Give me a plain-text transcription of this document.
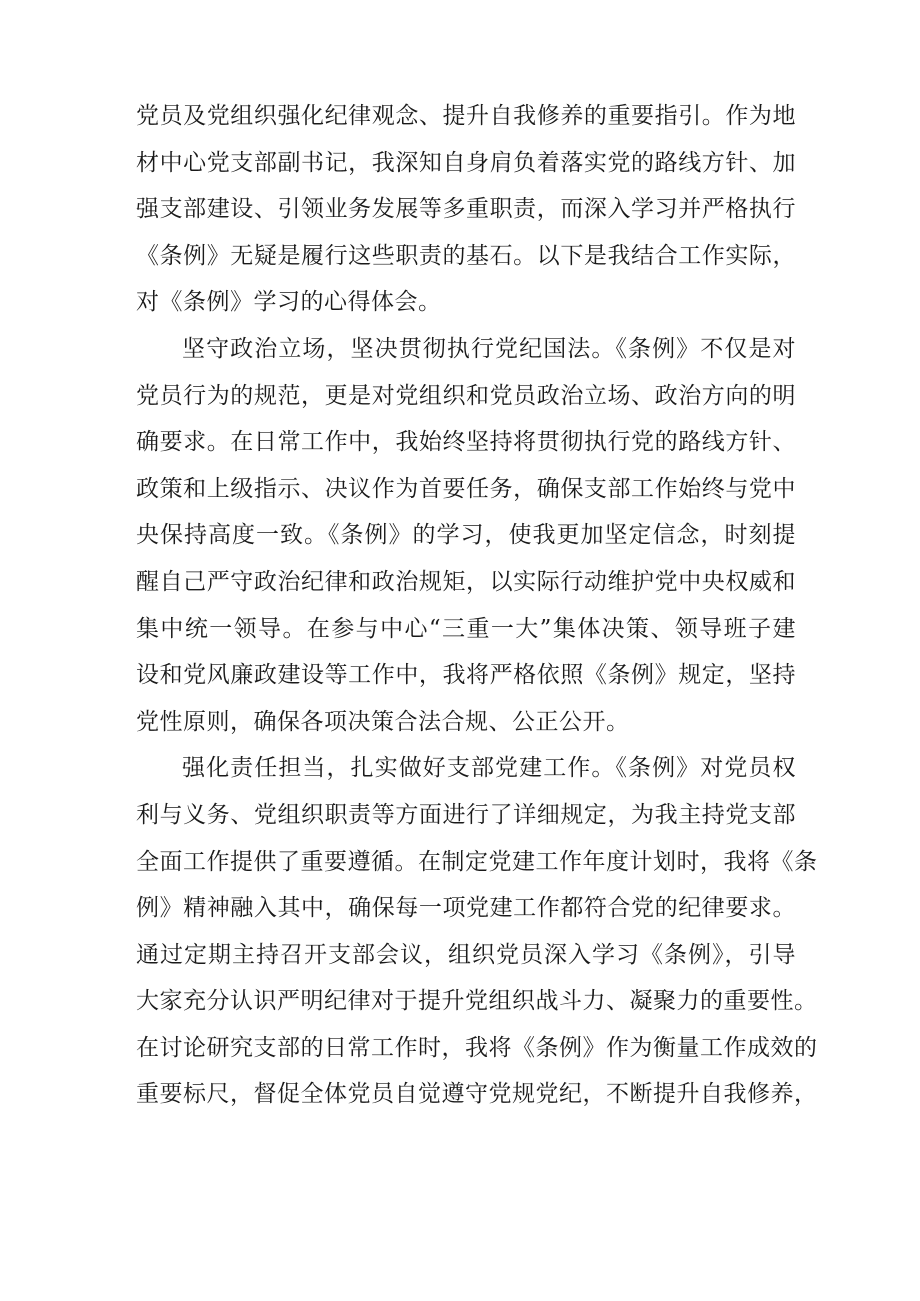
党员及党组织强化纪律观念、提升自我修养的重要指引。作为地
材中心党支部副书记，我深知自身肩负着落实党的路线方针、加
强支部建设、引领业务发展等多重职责，而深入学习并严格执行
《条例》无疑是履行这些职责的基石。以下是我结合工作实际，
对《条例》学习的心得体会。
坚守政治立场，坚决贯彻执行党纪国法。《条例》不仅是对
党员行为的规范，更是对党组织和党员政治立场、政治方向的明
确要求。在日常工作中，我始终坚持将贯彻执行党的路线方针、
政策和上级指示、决议作为首要任务，确保支部工作始终与党中
央保持高度一致。《条例》的学习，使我更加坚定信念，时刻提
醒自己严守政治纪律和政治规矩，以实际行动维护党中央权威和
集中统一领导。在参与中心“三重一大”集体决策、领导班子建
设和党风廉政建设等工作中，我将严格依照《条例》规定，坚持
党性原则，确保各项决策合法合规、公正公开。
强化责任担当，扎实做好支部党建工作。《条例》对党员权
利与义务、党组织职责等方面进行了详细规定，为我主持党支部
全面工作提供了重要遵循。在制定党建工作年度计划时，我将《条
例》精神融入其中，确保每一项党建工作都符合党的纪律要求。
通过定期主持召开支部会议，组织党员深入学习《条例》，引导
大家充分认识严明纪律对于提升党组织战斗力、凝聚力的重要性。
在讨论研究支部的日常工作时，我将《条例》作为衡量工作成效的
重要标尺，督促全体党员自觉遵守党规党纪，不断提升自我修养，
